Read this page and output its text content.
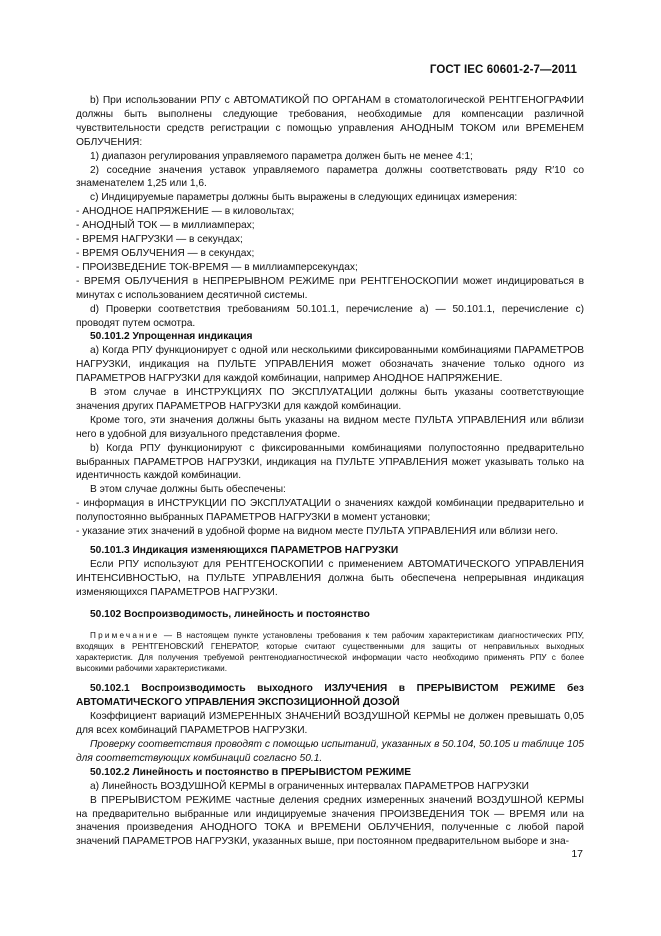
ГОСТ IEC 60601-2-7—2011

b) При использовании РПУ с АВТОМАТИКОЙ ПО ОРГАНАМ в стоматологической РЕНТГЕНОГРАФИИ должны быть выполнены следующие требования, необходимые для компенсации различной чувствительности средств регистрации с помощью управления АНОДНЫМ ТОКОМ или ВРЕМЕНЕМ ОБЛУЧЕНИЯ:

1) диапазон регулирования управляемого параметра должен быть не менее 4:1;

2) соседние значения уставок управляемого параметра должны соответствовать ряду R′10 со знаменателем 1,25 или 1,6.

c) Индицируемые параметры должны быть выражены в следующих единицах измерения:

- АНОДНОЕ НАПРЯЖЕНИЕ — в киловольтах;

- АНОДНЫЙ ТОК — в миллиамперах;

- ВРЕМЯ НАГРУЗКИ — в секундах;

- ВРЕМЯ ОБЛУЧЕНИЯ — в секундах;

- ПРОИЗВЕДЕНИЕ ТОК-ВРЕМЯ — в миллиамперсекундах;

- ВРЕМЯ ОБЛУЧЕНИЯ в НЕПРЕРЫВНОМ РЕЖИМЕ при РЕНТГЕНОСКОПИИ может индицироваться в минутах с использованием десятичной системы.

d) Проверки соответствия требованиям 50.101.1, перечисление a) — 50.101.1, перечисление c) проводят путем осмотра.

50.101.2 Упрощенная индикация

a) Когда РПУ функционирует с одной или несколькими фиксированными комбинациями ПАРАМЕТРОВ НАГРУЗКИ, индикация на ПУЛЬТЕ УПРАВЛЕНИЯ может обозначать значение только одного из ПАРАМЕТРОВ НАГРУЗКИ для каждой комбинации, например АНОДНОЕ НАПРЯЖЕНИЕ.

В этом случае в ИНСТРУКЦИЯХ ПО ЭКСПЛУАТАЦИИ должны быть указаны соответствующие значения других ПАРАМЕТРОВ НАГРУЗКИ для каждой комбинации.

Кроме того, эти значения должны быть указаны на видном месте ПУЛЬТА УПРАВЛЕНИЯ или вблизи него в удобной для визуального представления форме.

b) Когда РПУ функционируют с фиксированными комбинациями полупостоянно предварительно выбранных ПАРАМЕТРОВ НАГРУЗКИ, индикация на ПУЛЬТЕ УПРАВЛЕНИЯ может указывать только на идентичность каждой комбинации.

В этом случае должны быть обеспечены:

- информация в ИНСТРУКЦИИ ПО ЭКСПЛУАТАЦИИ о значениях каждой комбинации предварительно и полупостоянно выбранных ПАРАМЕТРОВ НАГРУЗКИ в момент установки;

- указание этих значений в удобной форме на видном месте ПУЛЬТА УПРАВЛЕНИЯ или вблизи него.

50.101.3 Индикация изменяющихся ПАРАМЕТРОВ НАГРУЗКИ

Если РПУ используют для РЕНТГЕНОСКОПИИ с применением АВТОМАТИЧЕСКОГО УПРАВЛЕНИЯ ИНТЕНСИВНОСТЬЮ, на ПУЛЬТЕ УПРАВЛЕНИЯ должна быть обеспечена непрерывная индикация изменяющихся ПАРАМЕТРОВ НАГРУЗКИ.

50.102 Воспроизводимость, линейность и постоянство

Примечание — В настоящем пункте установлены требования к тем рабочим характеристикам диагностических РПУ, входящих в РЕНТГЕНОВСКИЙ ГЕНЕРАТОР, которые считают существенными для защиты от неправильных выходных характеристик. Для получения требуемой рентгенодиагностической информации часто необходимо применять РПУ с более высокими рабочими характеристиками.

50.102.1 Воспроизводимость выходного ИЗЛУЧЕНИЯ в ПРЕРЫВИСТОМ РЕЖИМЕ без АВТОМАТИЧЕСКОГО УПРАВЛЕНИЯ ЭКСПОЗИЦИОННОЙ ДОЗОЙ

Коэффициент вариаций ИЗМЕРЕННЫХ ЗНАЧЕНИЙ ВОЗДУШНОЙ КЕРМЫ не должен превышать 0,05 для всех комбинаций ПАРАМЕТРОВ НАГРУЗКИ.

Проверку соответствия проводят с помощью испытаний, указанных в 50.104, 50.105 и таблице 105 для соответствующих комбинаций согласно 50.1.

50.102.2 Линейность и постоянство в ПРЕРЫВИСТОМ РЕЖИМЕ

a) Линейность ВОЗДУШНОЙ КЕРМЫ в ограниченных интервалах ПАРАМЕТРОВ НАГРУЗКИ

В ПРЕРЫВИСТОМ РЕЖИМЕ частные деления средних измеренных значений ВОЗДУШНОЙ КЕРМЫ на предварительно выбранные или индицируемые значения ПРОИЗВЕДЕНИЯ ТОК — ВРЕМЯ или на значения произведения АНОДНОГО ТОКА и ВРЕМЕНИ ОБЛУЧЕНИЯ, полученные с любой парой значений ПАРАМЕТРОВ НАГРУЗКИ, указанных выше, при постоянном предварительном выборе и зна-

17
